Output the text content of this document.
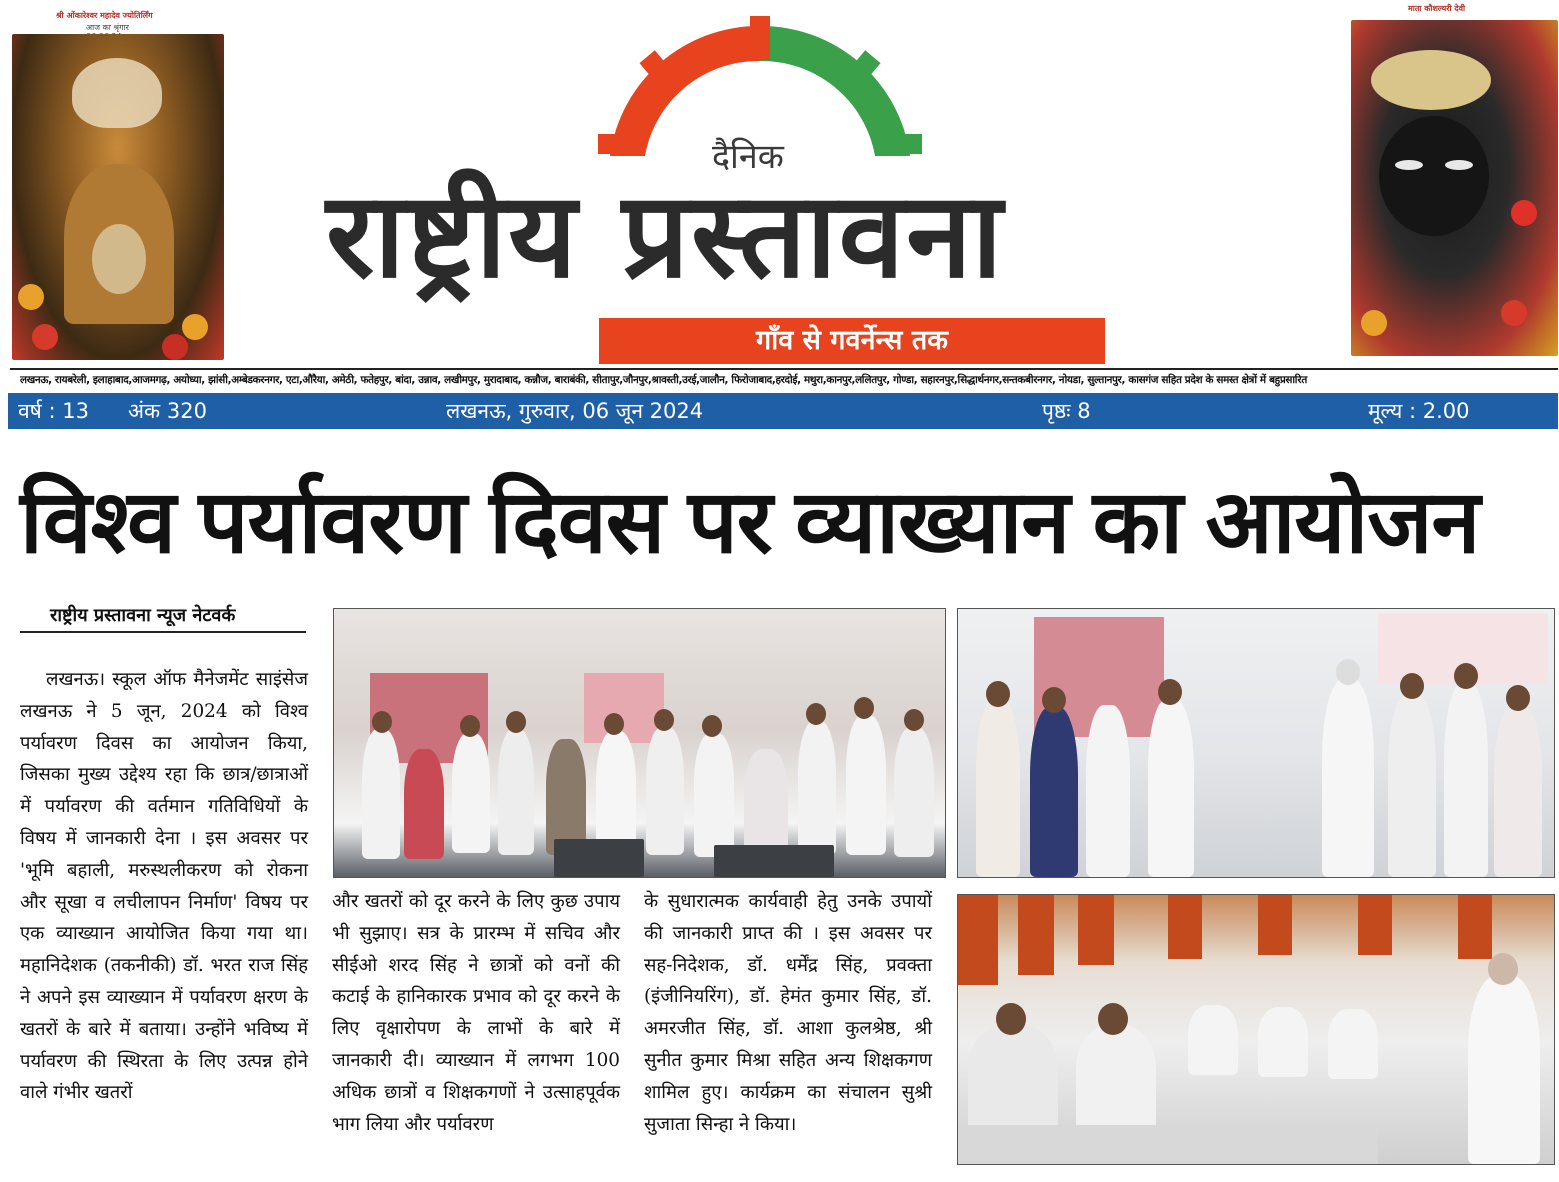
श्री ओंकारेश्वर महादेव ज्योतिर्लिंग
आज का श्रृंगार
माता कौशल्यरी देवी
दैनिक
राष्ट्रीय प्रस्तावना
गाँव से गवर्नेन्स तक
लखनऊ, रायबरेली, इलाहाबाद,आजमगढ़, अयोध्या, झांसी,अम्बेडकरनगर, एटा,औरैया, अमेठी, फतेहपुर, बांदा, उन्नाव, लखीमपुर, मुरादाबाद, कन्नौज, बाराबंकी, सीतापुर,जौनपुर,श्रावस्ती,उरई,जालौन, फिरोजाबाद,हरदोई, मथुरा,कानपुर,ललितपुर, गोण्डा, सहारनपुर,सिद्धार्थनगर,सन्तकबीरनगर, नोयडा, सुल्तानपुर, कासगंज सहित प्रदेश के समस्त क्षेत्रों में बहुप्रसारित
वर्ष : 13 अंक 320	लखनऊ, गुरुवार, 06 जून 2024	पृष्ठः 8	मूल्य : 2.00
विश्व पर्यावरण दिवस पर व्याख्यान का आयोजन
राष्ट्रीय प्रस्तावना न्यूज नेटवर्क
लखनऊ। स्कूल ऑफ मैनेजमेंट साइंसेज लखनऊ ने 5 जून, 2024 को विश्व पर्यावरण दिवस का आयोजन किया, जिसका मुख्य उद्देश्य रहा कि छात्र/छात्राओं में पर्यावरण की वर्तमान गतिविधियों के विषय में जानकारी देना । इस अवसर पर 'भूमि बहाली, मरुस्थलीकरण को रोकना और सूखा व लचीलापन निर्माण' विषय पर एक व्याख्यान आयोजित किया गया था। महानिदेशक (तकनीकी) डॉ. भरत राज सिंह ने अपने इस व्याख्यान में पर्यावरण क्षरण के खतरों के बारे में बताया। उन्होंने भविष्य में पर्यावरण की स्थिरता के लिए उत्पन्न होने वाले गंभीर खतरों
और खतरों को दूर करने के लिए कुछ उपाय भी सुझाए। सत्र के प्रारम्भ में सचिव और सीईओ शरद सिंह ने छात्रों को वनों की कटाई के हानिकारक प्रभाव को दूर करने के लिए वृक्षारोपण के लाभों के बारे में जानकारी दी। व्याख्यान में लगभग 100 अधिक छात्रों व शिक्षकगणों ने उत्साहपूर्वक भाग लिया और पर्यावरण
के सुधारात्मक कार्यवाही हेतु उनके उपायों की जानकारी प्राप्त की । इस अवसर पर सह-निदेशक, डॉ. धर्मेंद्र सिंह, प्रवक्ता (इंजीनियरिंग), डॉ. हेमंत कुमार सिंह, डॉ. अमरजीत सिंह, डॉ. आशा कुलश्रेष्ठ, श्री सुनीत कुमार मिश्रा सहित अन्य शिक्षकगण शामिल हुए। कार्यक्रम का संचालन सुश्री सुजाता सिन्हा ने किया।
